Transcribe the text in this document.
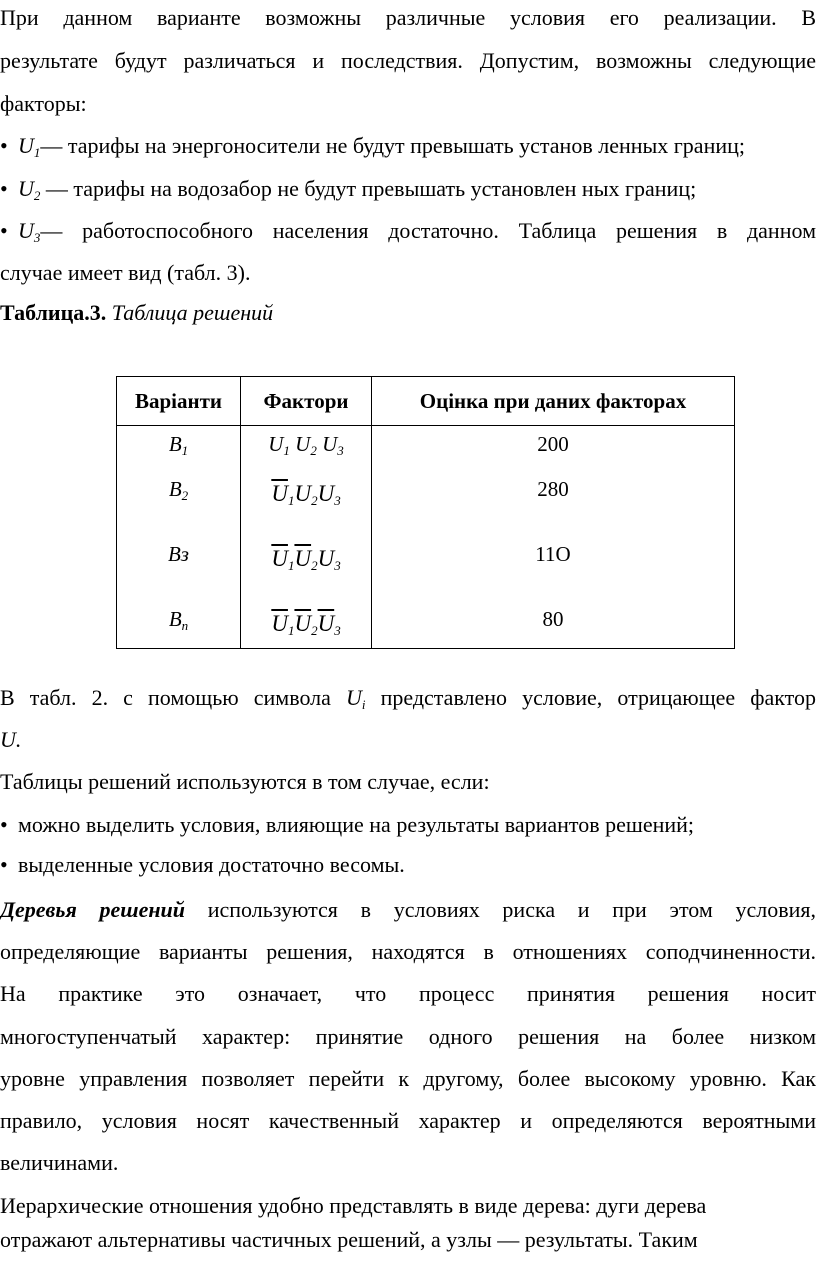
При данном варианте возможны различные условия его реализации. В
результате будут различаться и последствия. Допустим, возможны следующие
факторы:
• $U_1—$ тарифы на энергоносители не будут превышать установ ленных границ;
• $U_2$ — тарифы на водозабор не будут превышать установлен ных границ;
• $U_3—$ работоспособного населения достаточно. Таблица решения в данном
случае имеет вид (табл. 3).
Таблица.3. Таблица решений
Варіанти	Фактори	Оцінка при даних факторах
$B_1$	$U_1$ $U_2$ $U_3$	200
$B_2$	$\overline{U}_1U_2U_3$	280
Bз	$\overline{U}_1\overline{U}_2U_3$	11O
$B_n$	$\overline{U}_1\overline{U}_2\overline{U}_3$	80
В табл. 2. с помощью символа $U_i$ представлено условие, отрицающее фактор
U.
Таблицы решений используются в том случае, если:
• можно выделить условия, влияющие на результаты вариантов решений;
• выделенные условия достаточно весомы.
Деревья решений используются в условиях риска и при этом условия,
определяющие варианты решения, находятся в отношениях соподчиненности.
На практике это означает, что процесс принятия решения носит
многоступенчатый характер: принятие одного решения на более низком
уровне управления позволяет перейти к другому, более высокому уровню. Как
правило, условия носят качественный характер и определяются вероятными
величинами.
Иерархические отношения удобно представлять в виде дерева: дуги дерева
отражают альтернативы частичных решений, а узлы — результаты. Таким
